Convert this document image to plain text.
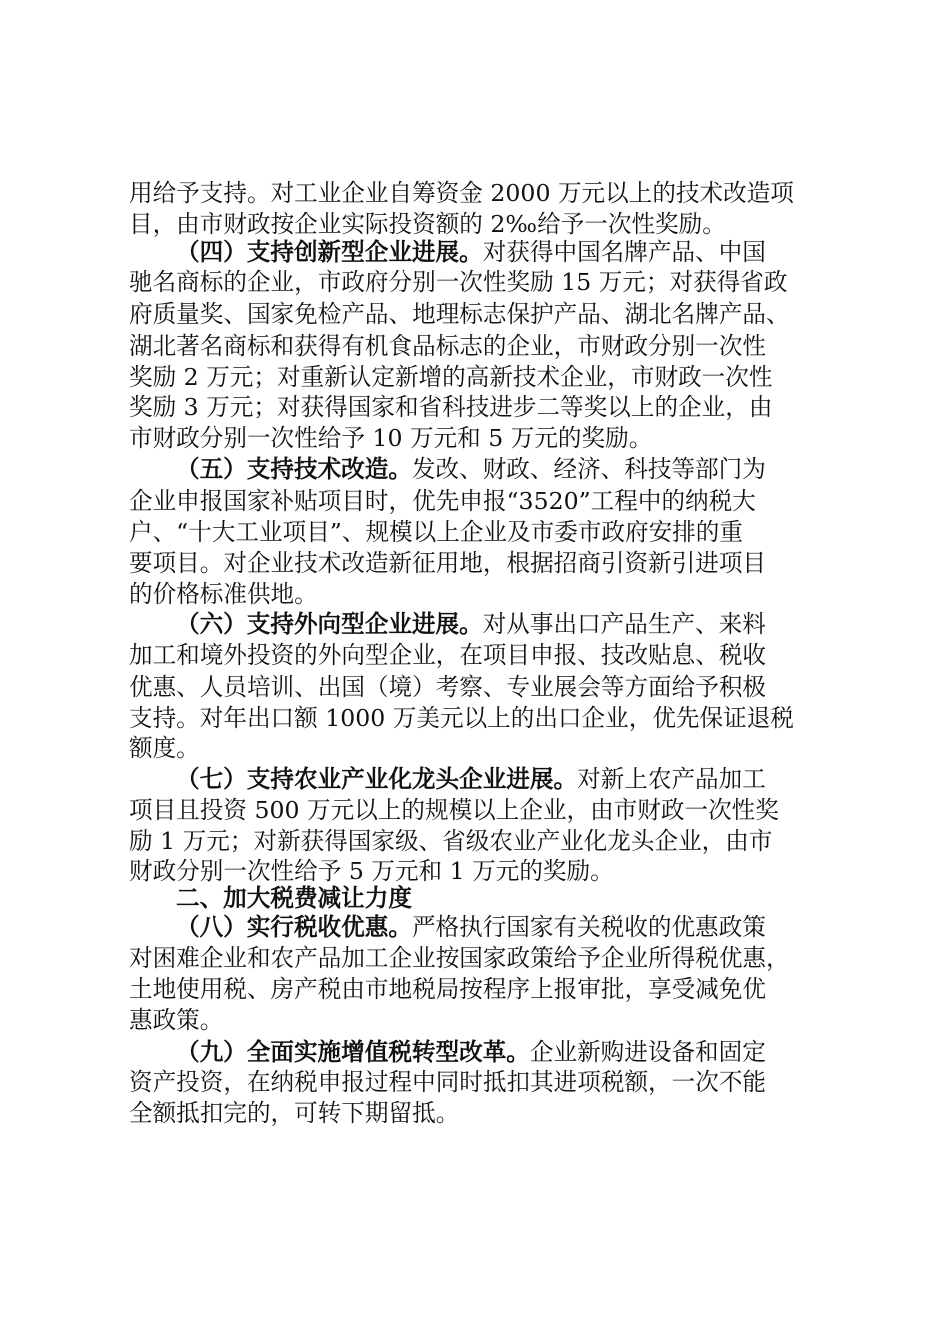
用给予支持。对工业企业自筹资金 2000 万元以上的技术改造项
目，由市财政按企业实际投资额的 2‰给予一次性奖励。
（四）支持创新型企业进展。对获得中国名牌产品、中国
驰名商标的企业，市政府分别一次性奖励 15 万元；对获得省政
府质量奖、国家免检产品、地理标志保护产品、湖北名牌产品、
湖北著名商标和获得有机食品标志的企业，市财政分别一次性
奖励 2 万元；对重新认定新增的高新技术企业，市财政一次性
奖励 3 万元；对获得国家和省科技进步二等奖以上的企业，由
市财政分别一次性给予 10 万元和 5 万元的奖励。
（五）支持技术改造。发改、财政、经济、科技等部门为
企业申报国家补贴项目时，优先申报“3520”工程中的纳税大
户、“十大工业项目”、规模以上企业及市委市政府安排的重
要项目。对企业技术改造新征用地，根据招商引资新引进项目
的价格标准供地。
（六）支持外向型企业进展。对从事出口产品生产、来料
加工和境外投资的外向型企业，在项目申报、技改贴息、税收
优惠、人员培训、出国（境）考察、专业展会等方面给予积极
支持。对年出口额 1000 万美元以上的出口企业，优先保证退税
额度。
（七）支持农业产业化龙头企业进展。对新上农产品加工
项目且投资 500 万元以上的规模以上企业，由市财政一次性奖
励 1 万元；对新获得国家级、省级农业产业化龙头企业，由市
财政分别一次性给予 5 万元和 1 万元的奖励。
二、加大税费减让力度
（八）实行税收优惠。严格执行国家有关税收的优惠政策
对困难企业和农产品加工企业按国家政策给予企业所得税优惠，
土地使用税、房产税由市地税局按程序上报审批，享受减免优
惠政策。
（九）全面实施增值税转型改革。企业新购进设备和固定
资产投资，在纳税申报过程中同时抵扣其进项税额，一次不能
全额抵扣完的，可转下期留抵。
